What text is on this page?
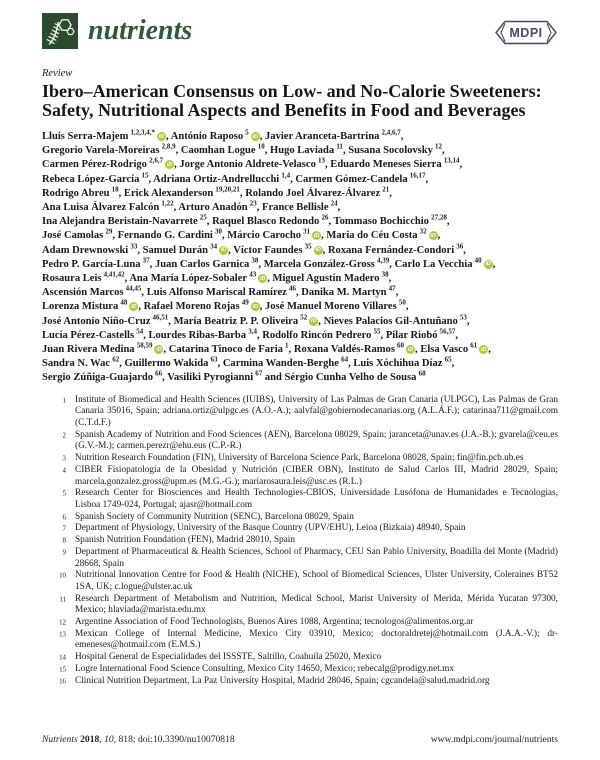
nutrients	MDPI
Review
Ibero–American Consensus on Low- and No-Calorie Sweeteners: Safety, Nutritional Aspects and Benefits in Food and Beverages

Lluis Serra-Majem  $^{1,2,3,4,*}$iD , António Raposo  $^5$iD , Javier Aranceta-Bartrina  $^{2,4,6,7}$,
Gregorio Varela-Moreiras  $^{2,8,9}$, Caomhan Logue  $^{10}$, Hugo Laviada  $^{11}$, Susana Socolovsky  $^{12}$,
Carmen Pérez-Rodrigo  $^{2,6,7}$iD , Jorge Antonio Aldrete-Velasco  $^{13}$, Eduardo Meneses Sierra  $^{13,14}$,
Rebeca López-García  $^{15}$, Adriana Ortiz-Andrellucchi  $^{1,4}$, Carmen Gómez-Candela  $^{16,17}$,
Rodrigo Abreu  $^{18}$, Erick Alexanderson  $^{19,20,21}$, Rolando Joel Álvarez-Álvarez  $^{21}$,
Ana Luisa Álvarez Falcón  $^{1,22}$, Arturo Anadón  $^{23}$, France Bellisle  $^{24}$,
Ina Alejandra Beristain-Navarrete  $^{25}$, Raquel Blasco Redondo  $^{26}$, Tommaso Bochicchio  $^{27,28}$,
José Camolas  $^{29}$, Fernando G. Cardini  $^{30}$, Márcio Carocho  $^{31}$iD , Maria do Céu Costa  $^{32}$iD ,
Adam Drewnowski  $^{33}$, Samuel Durán  $^{34}$iD , Víctor Faundes  $^{35}$iD , Roxana Fernández-Condori  $^{36}$,
Pedro P. García-Luna  $^{37}$, Juan Carlos Garnica  $^{38}$, Marcela González-Gross  $^{4,39}$, Carlo La Vecchia  $^{40}$iD ,
Rosaura Leis  $^{4,41,42}$, Ana María López-Sobaler  $^{43}$iD , Miguel Agustín Madero  $^{38}$,
Ascensión Marcos  $^{44,45}$, Luis Alfonso Mariscal Ramírez  $^{46}$, Danika M. Martyn  $^{47}$,
Lorenza Mistura  $^{48}$iD , Rafael Moreno Rojas  $^{49}$iD , José Manuel Moreno Villares  $^{50}$,
José Antonio Niño-Cruz  $^{46,51}$, María Beatriz P. P. Oliveira  $^{52}$iD , Nieves Palacios Gil-Antuñano  $^{53}$,
Lucía Pérez-Castells  $^{54}$, Lourdes Ribas-Barba  $^{3,4}$, Rodolfo Rincón Pedrero  $^{55}$, Pilar Riobó  $^{56,57}$,
Juan Rivera Medina  $^{58,59}$iD , Catarina Tinoco de Faria  $^1$, Roxana Valdés-Ramos  $^{60}$iD , Elsa Vasco  $^{61}$iD ,
Sandra N. Wac  $^{62}$, Guillermo Wakida  $^{63}$, Carmina Wanden-Berghe  $^{64}$, Luis Xóchihua Díaz  $^{65}$,
Sergio Zúñiga-Guajardo  $^{66}$, Vasiliki Pyrogianni  $^{67}$ and Sérgio Cunha Velho de Sousa  $^{68}$

1 Institute of Biomedical and Health Sciences (IUIBS), University of Las Palmas de Gran Canaria (ULPGC), Las Palmas de Gran Canaria 35016, Spain; adriana.ortiz@ulpgc.es (A.O.-A.); aalvfal@gobiernodecanarias.org (A.L.Á.F.); catarinaa711@gmail.com (C.T.d.F.)
2 Spanish Academy of Nutrition and Food Sciences (AEN), Barcelona 08029, Spain; jaranceta@unav.es (J.A.-B.); gvarela@ceu.es (G.V.-M.); carmen.perezr@ehu.eus (C.P.-R.)
3 Nutrition Research Foundation (FIN), University of Barcelona Science Park, Barcelona 08028, Spain; fin@fin.pcb.ub.es
4 CIBER Fisiopatología de la Obesidad y Nutrición (CIBER OBN), Instituto de Salud Carlos III, Madrid 28029, Spain; marcela.gonzalez.gross@upm.es (M.G.-G.); mariarosaura.leis@usc.es (R.L.)
5 Research Center for Biosciences and Health Technologies-CBIOS, Universidade Lusófona de Humanidades e Tecnologias, Lisboa 1749-024, Portugal; ajasr@hotmail.com
6 Spanish Society of Community Nutrition (SENC), Barcelona 08029, Spain
7 Department of Physiology, University of the Basque Country (UPV/EHU), Leioa (Bizkaia) 48940, Spain
8 Spanish Nutrition Foundation (FEN), Madrid 28010, Spain
9 Department of Pharmaceutical & Health Sciences, School of Pharmacy, CEU San Pablo University, Boadilla del Monte (Madrid) 28668, Spain
10 Nutritional Innovation Centre for Food & Health (NICHE), School of Biomedical Sciences, Ulster University, Coleraines BT52 1SA, UK; c.logue@ulster.ac.uk
11 Research Department of Metabolism and Nutrition, Medical School, Marist University of Merida, Mérida Yucatan 97300, Mexico; hlaviada@marista.edu.mx
12 Argentine Association of Food Technologists, Buenos Aires 1088, Argentina; tecnologos@alimentos.org.ar
13 Mexican College of Internal Medicine, Mexico City 03910, Mexico; doctoraldretej@hotmail.com (J.A.A.-V.); dr-emeneses@hotmail.com (E.M.S.)
14 Hospital General de Especialidades del ISSSTE, Saltillo, Coahuila 25020, Mexico
15 Logre International Food Science Consulting, Mexico City 14650, Mexico; rebecalg@prodigy.net.mx
16 Clinical Nutrition Department, La Paz University Hospital, Madrid 28046, Spain; cgcandela@salud.madrid.org
Nutrients 2018, 10, 818; doi:10.3390/nu10070818	www.mdpi.com/journal/nutrients
